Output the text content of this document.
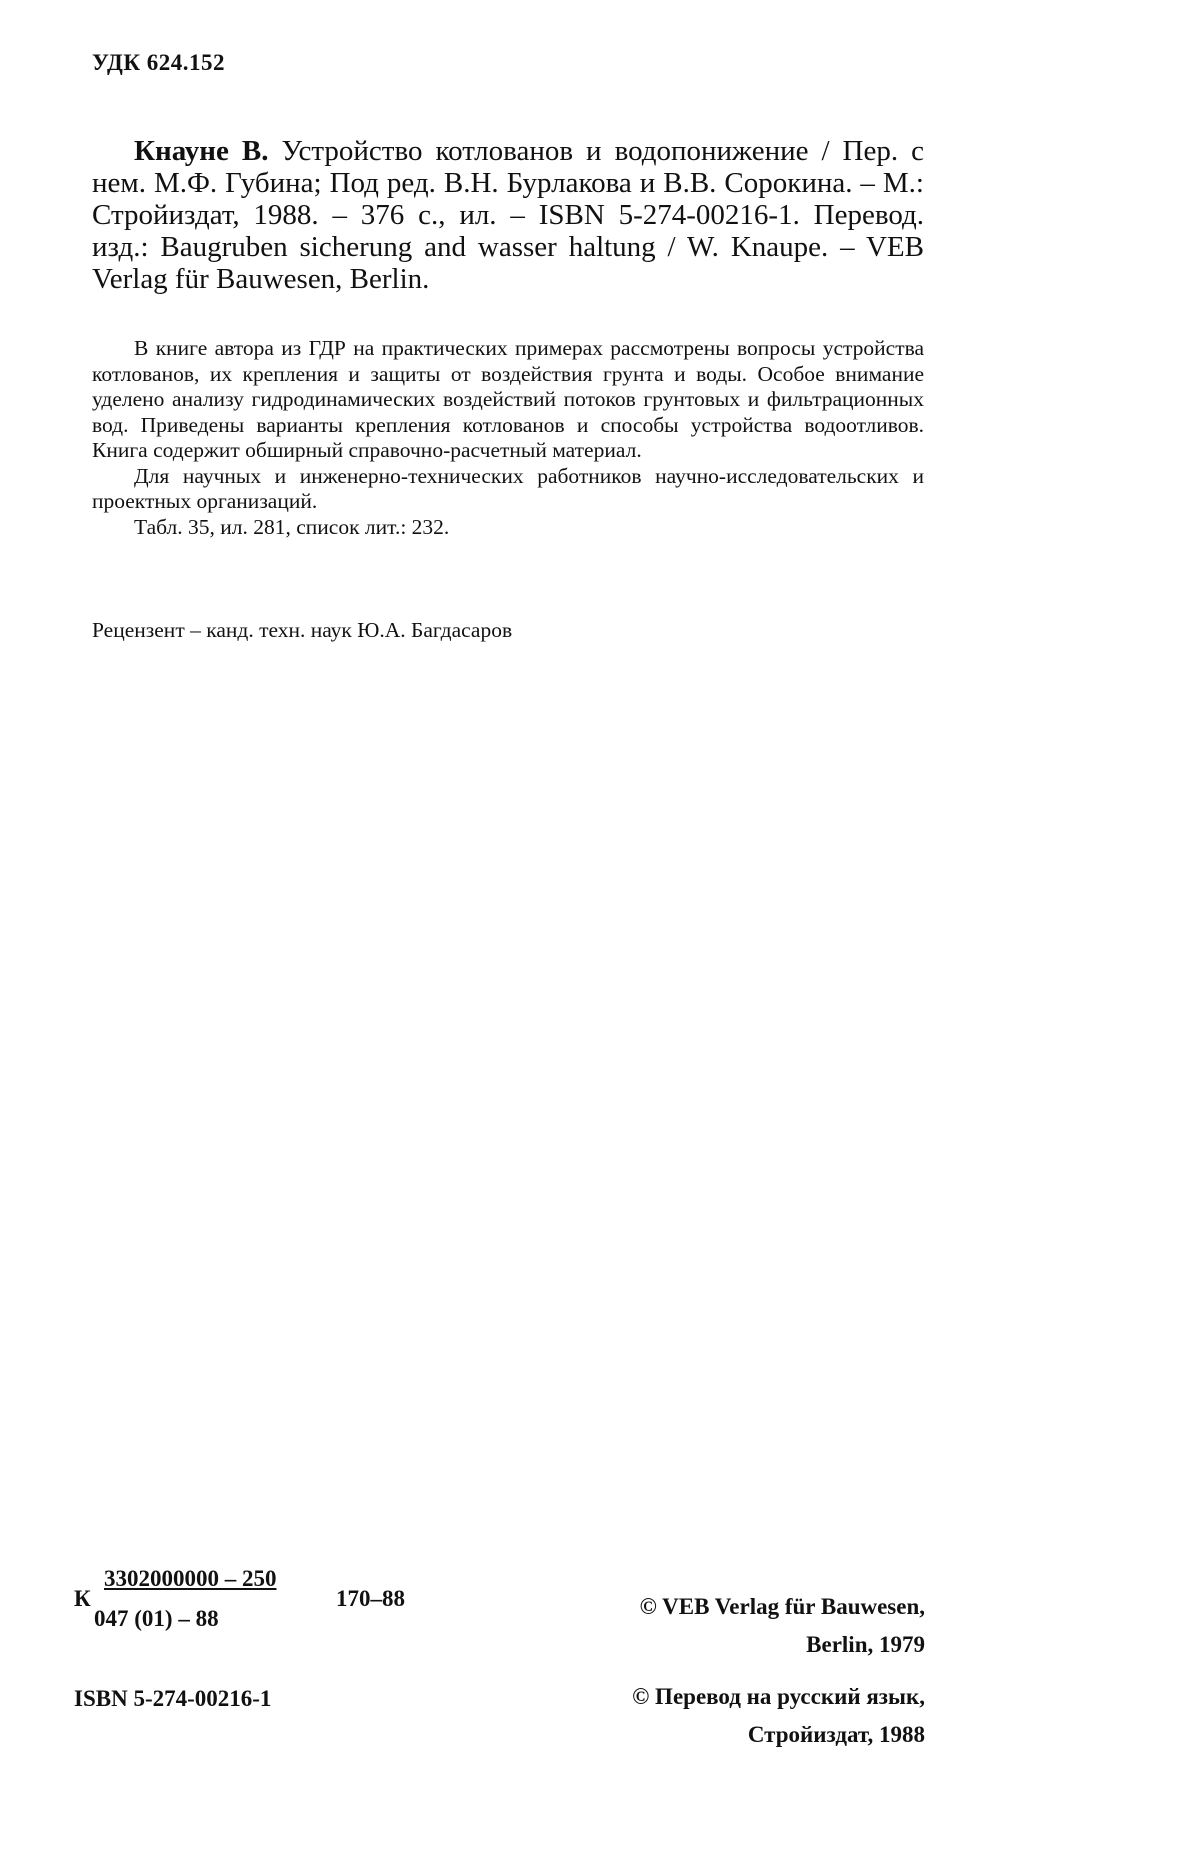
УДК 624.152

Кнауне В. Устройство котлованов и водопонижение / Пер. с нем. М.Ф. Губина; Под ред. В.Н. Бурлакова и В.В. Сорокина. – М.: Стройиздат, 1988. – 376 с., ил. – ISBN 5-274-00216-1. Перевод. изд.: Baugruben sicherung and wasser haltung / W. Knaupe. – VEB Verlag für Bauwesen, Berlin.

В книге автора из ГДР на практических примерах рассмотрены вопросы устройства котлованов, их крепления и защиты от воздействия грунта и воды. Особое внимание уделено анализу гидродинамических воздействий потоков грунтовых и фильтрационных вод. Приведены варианты крепления котлованов и способы устройства водоотливов. Книга содержит обширный справочно-расчетный материал.

Для научных и инженерно-технических работников научно-исследовательских и проектных организаций.

Табл. 35, ил. 281, список лит.: 232.

Рецензент – канд. техн. наук Ю.А. Багдасаров
К
3302000000 – 250
047 (01) – 88
170–88	© VEB Verlag für Bauwesen,
Berlin, 1979
© Перевод на русский язык,
Стройиздат, 1988
ISBN 5-274-00216-1
